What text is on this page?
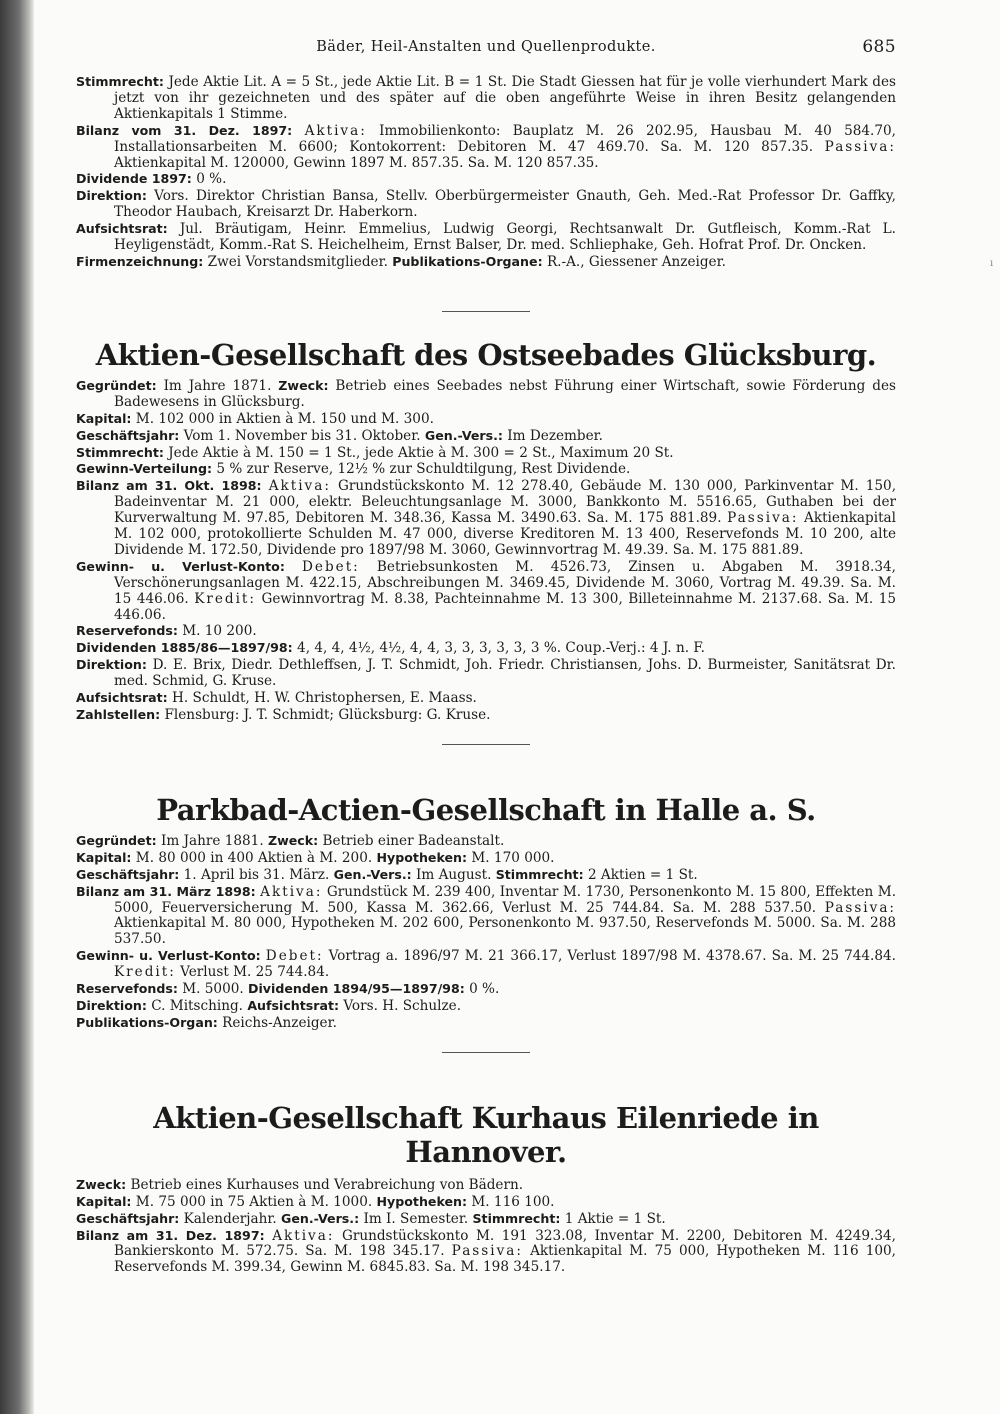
ı
Bäder, Heil-Anstalten und Quellenprodukte.	685
Stimmrecht: Jede Aktie Lit. A = 5 St., jede Aktie Lit. B = 1 St. Die Stadt Giessen hat für je volle vierhundert Mark des jetzt von ihr gezeichneten und des später auf die oben angeführte Weise in ihren Besitz gelangenden Aktienkapitals 1 Stimme.
Bilanz vom 31. Dez. 1897: Aktiva: Immobilienkonto: Bauplatz M. 26 202.95, Hausbau M. 40 584.70, Installationsarbeiten M. 6600; Kontokorrent: Debitoren M. 47 469.70. Sa. M. 120 857.35. Passiva: Aktienkapital M. 120000, Gewinn 1897 M. 857.35. Sa. M. 120 857.35.
Dividende 1897: 0 %.
Direktion: Vors. Direktor Christian Bansa, Stellv. Oberbürgermeister Gnauth, Geh. Med.-Rat Professor Dr. Gaffky, Theodor Haubach, Kreisarzt Dr. Haberkorn.
Aufsichtsrat: Jul. Bräutigam, Heinr. Emmelius, Ludwig Georgi, Rechtsanwalt Dr. Gutfleisch, Komm.-Rat L. Heyligenstädt, Komm.-Rat S. Heichelheim, Ernst Balser, Dr. med. Schliephake, Geh. Hofrat Prof. Dr. Oncken.
Firmenzeichnung: Zwei Vorstandsmitglieder. Publikations-Organe: R.-A., Giessener Anzeiger.
Aktien-Gesellschaft des Ostseebades Glücksburg.
Gegründet: Im Jahre 1871. Zweck: Betrieb eines Seebades nebst Führung einer Wirtschaft, sowie Förderung des Badewesens in Glücksburg.
Kapital: M. 102 000 in Aktien à M. 150 und M. 300.
Geschäftsjahr: Vom 1. November bis 31. Oktober. Gen.-Vers.: Im Dezember.
Stimmrecht: Jede Aktie à M. 150 = 1 St., jede Aktie à M. 300 = 2 St., Maximum 20 St.
Gewinn-Verteilung: 5 % zur Reserve, 12½ % zur Schuldtilgung, Rest Dividende.
Bilanz am 31. Okt. 1898: Aktiva: Grundstückskonto M. 12 278.40, Gebäude M. 130 000, Parkinventar M. 150, Badeinventar M. 21 000, elektr. Beleuchtungsanlage M. 3000, Bankkonto M. 5516.65, Guthaben bei der Kurverwaltung M. 97.85, Debitoren M. 348.36, Kassa M. 3490.63. Sa. M. 175 881.89. Passiva: Aktienkapital M. 102 000, protokollierte Schulden M. 47 000, diverse Kreditoren M. 13 400, Reservefonds M. 10 200, alte Dividende M. 172.50, Dividende pro 1897/98 M. 3060, Gewinnvortrag M. 49.39. Sa. M. 175 881.89.
Gewinn- u. Verlust-Konto: Debet: Betriebsunkosten M. 4526.73, Zinsen u. Abgaben M. 3918.34, Verschönerungsanlagen M. 422.15, Abschreibungen M. 3469.45, Dividende M. 3060, Vortrag M. 49.39. Sa. M. 15 446.06. Kredit: Gewinnvortrag M. 8.38, Pachteinnahme M. 13 300, Billeteinnahme M. 2137.68. Sa. M. 15 446.06.
Reservefonds: M. 10 200.
Dividenden 1885/86—1897/98: 4, 4, 4, 4½, 4½, 4, 4, 3, 3, 3, 3, 3, 3 %. Coup.-Verj.: 4 J. n. F.
Direktion: D. E. Brix, Diedr. Dethleffsen, J. T. Schmidt, Joh. Friedr. Christiansen, Johs. D. Burmeister, Sanitätsrat Dr. med. Schmid, G. Kruse.
Aufsichtsrat: H. Schuldt, H. W. Christophersen, E. Maass.
Zahlstellen: Flensburg: J. T. Schmidt; Glücksburg: G. Kruse.
Parkbad-Actien-Gesellschaft in Halle a. S.
Gegründet: Im Jahre 1881. Zweck: Betrieb einer Badeanstalt.
Kapital: M. 80 000 in 400 Aktien à M. 200. Hypotheken: M. 170 000.
Geschäftsjahr: 1. April bis 31. März. Gen.-Vers.: Im August. Stimmrecht: 2 Aktien = 1 St.
Bilanz am 31. März 1898: Aktiva: Grundstück M. 239 400, Inventar M. 1730, Personenkonto M. 15 800, Effekten M. 5000, Feuerversicherung M. 500, Kassa M. 362.66, Verlust M. 25 744.84. Sa. M. 288 537.50. Passiva: Aktienkapital M. 80 000, Hypotheken M. 202 600, Personenkonto M. 937.50, Reservefonds M. 5000. Sa. M. 288 537.50.
Gewinn- u. Verlust-Konto: Debet: Vortrag a. 1896/97 M. 21 366.17, Verlust 1897/98 M. 4378.67. Sa. M. 25 744.84. Kredit: Verlust M. 25 744.84.
Reservefonds: M. 5000. Dividenden 1894/95—1897/98: 0 %.
Direktion: C. Mitsching. Aufsichtsrat: Vors. H. Schulze.
Publikations-Organ: Reichs-Anzeiger.
Aktien-Gesellschaft Kurhaus Eilenriede in Hannover.
Zweck: Betrieb eines Kurhauses und Verabreichung von Bädern.
Kapital: M. 75 000 in 75 Aktien à M. 1000. Hypotheken: M. 116 100.
Geschäftsjahr: Kalenderjahr. Gen.-Vers.: Im I. Semester. Stimmrecht: 1 Aktie = 1 St.
Bilanz am 31. Dez. 1897: Aktiva: Grundstückskonto M. 191 323.08, Inventar M. 2200, Debitoren M. 4249.34, Bankierskonto M. 572.75. Sa. M. 198 345.17. Passiva: Aktienkapital M. 75 000, Hypotheken M. 116 100, Reservefonds M. 399.34, Gewinn M. 6845.83. Sa. M. 198 345.17.
